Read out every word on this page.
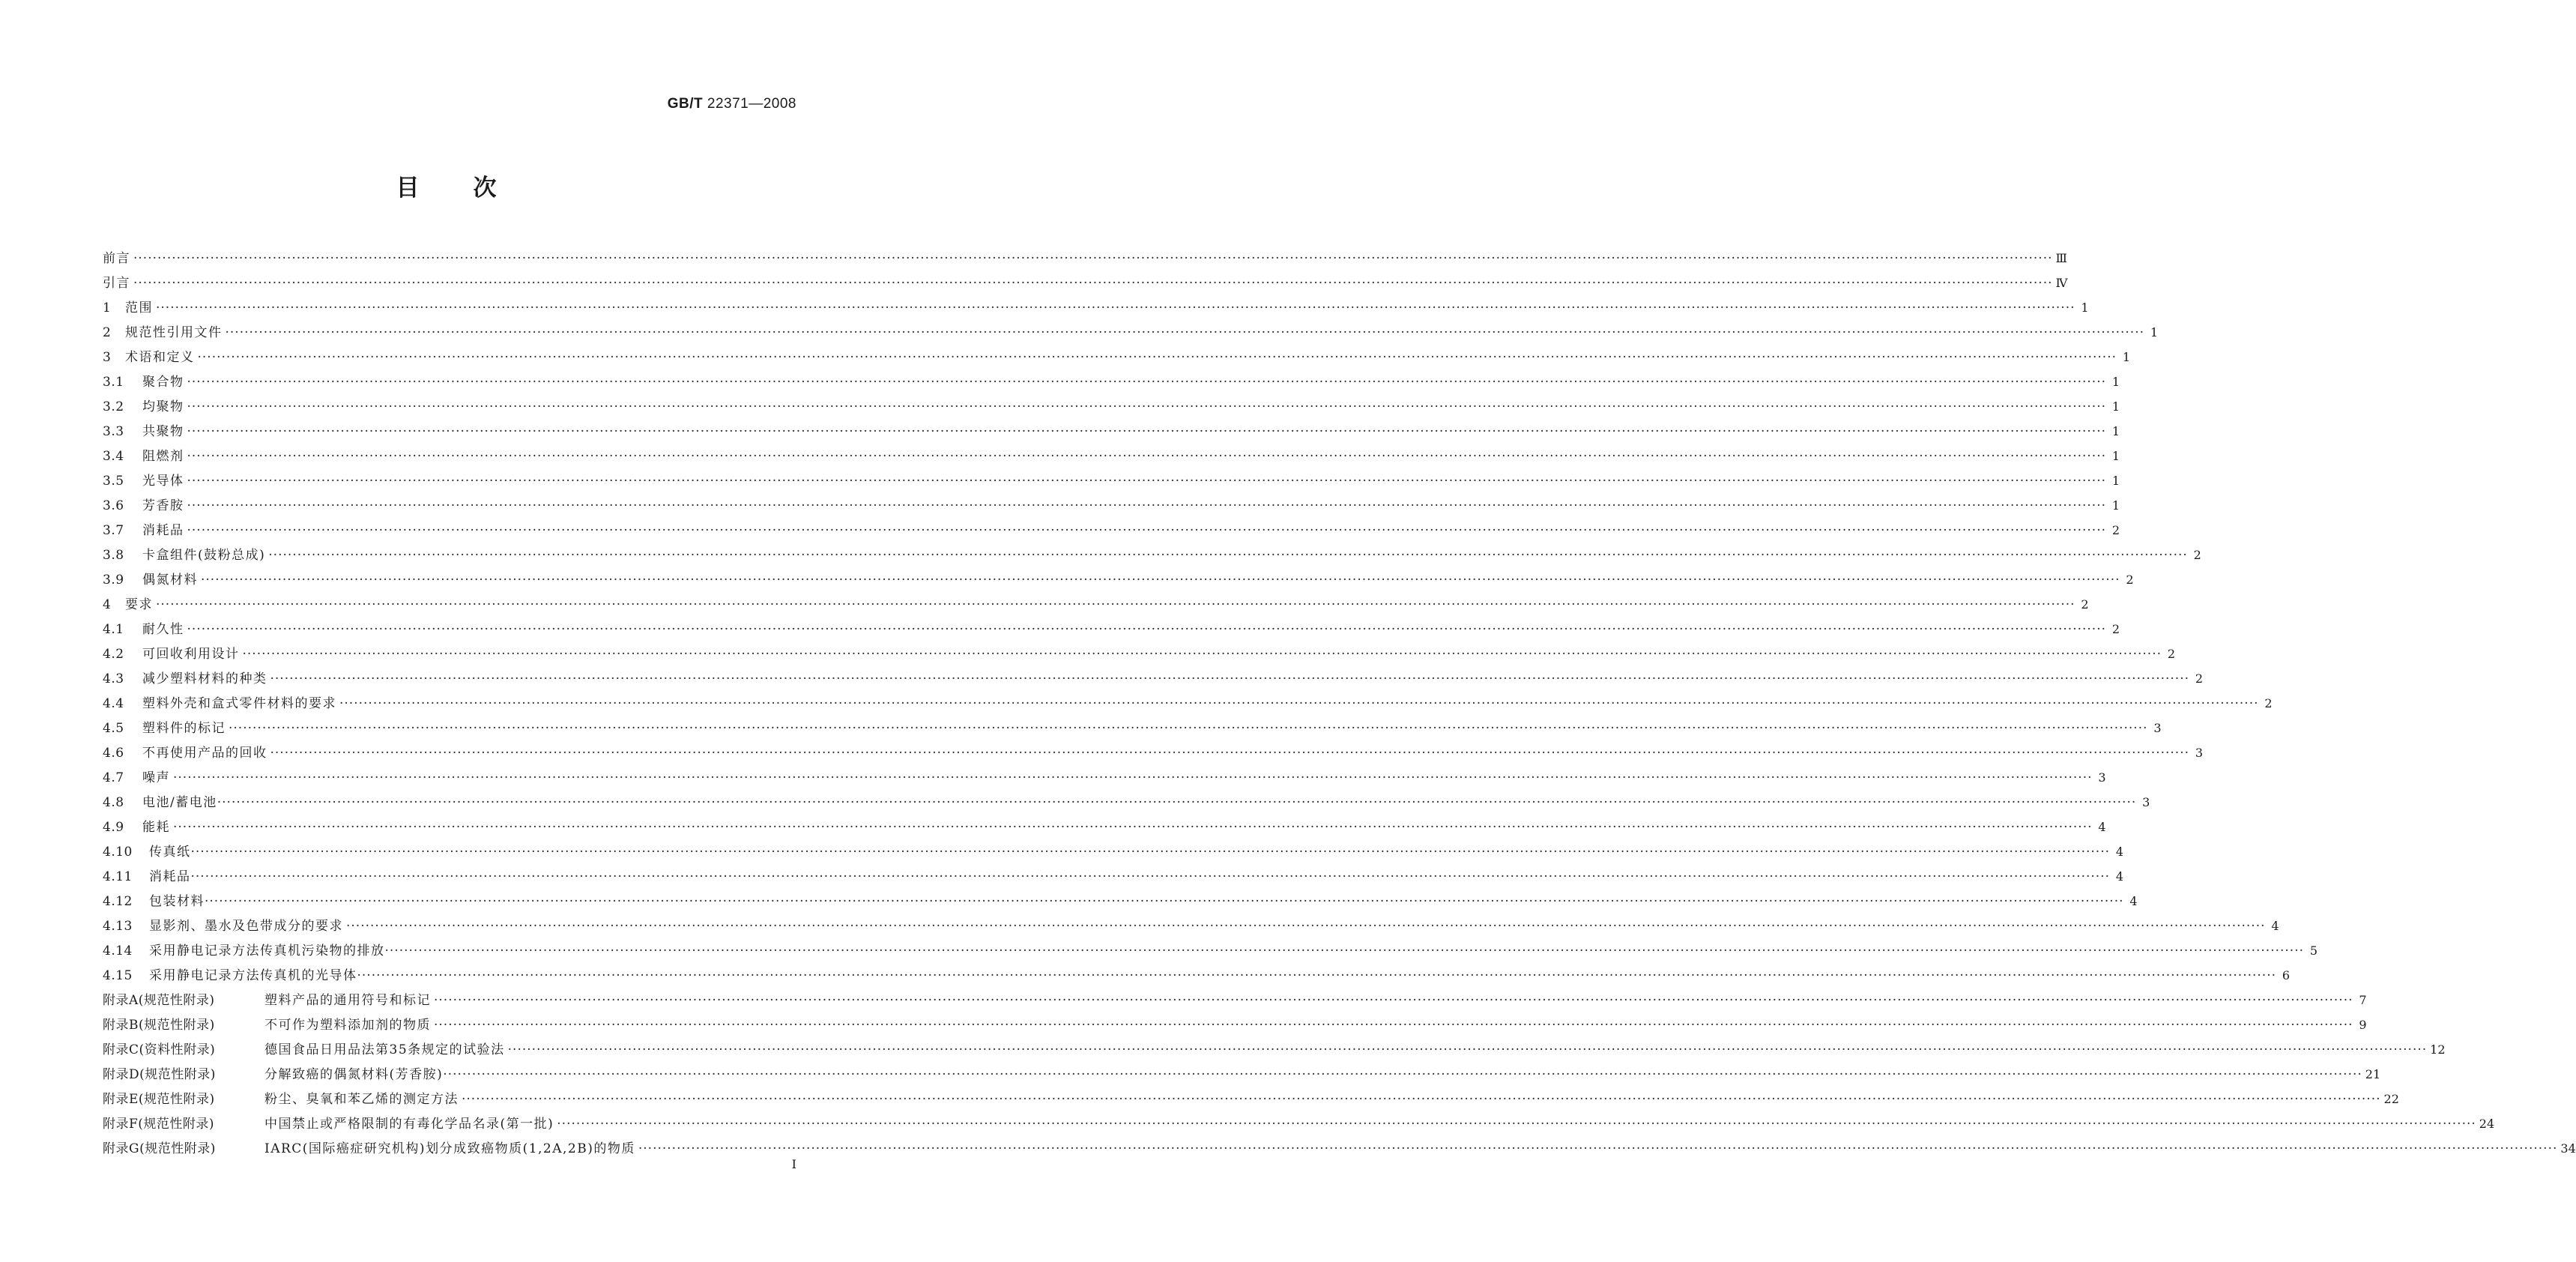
GB/T 22371—2008
目次
前言 ················································································································································································································································································································································································································ Ⅲ
引言 ················································································································································································································································································································································································································ Ⅳ
1	范围 ················································································································································································································································································································································································································ 1
2	规范性引用文件 ················································································································································································································································································································································································································ 1
3	术语和定义 ················································································································································································································································································································································································································ 1
3.1	聚合物 ················································································································································································································································································································································································································ 1
3.2	均聚物 ················································································································································································································································································································································································································ 1
3.3	共聚物 ················································································································································································································································································································································································································ 1
3.4	阻燃剂 ················································································································································································································································································································································································································ 1
3.5	光导体 ················································································································································································································································································································································································································ 1
3.6	芳香胺 ················································································································································································································································································································································································································ 1
3.7	消耗品 ················································································································································································································································································································································································································ 2
3.8	卡盒组件(鼓粉总成) ················································································································································································································································································································································································································ 2
3.9	偶氮材料 ················································································································································································································································································································································································································ 2
4	要求 ················································································································································································································································································································································································································ 2
4.1	耐久性 ················································································································································································································································································································································································································ 2
4.2	可回收利用设计 ················································································································································································································································································································································································································ 2
4.3	减少塑料材料的种类 ················································································································································································································································································································································································································ 2
4.4	塑料外壳和盒式零件材料的要求 ················································································································································································································································································································································································································ 2
4.5	塑料件的标记 ················································································································································································································································································································································································································ 3
4.6	不再使用产品的回收 ················································································································································································································································································································································································································ 3
4.7	噪声 ················································································································································································································································································································································································································ 3
4.8	电池/蓄电池 ················································································································································································································································································································································································································ 3
4.9	能耗 ················································································································································································································································································································································································································ 4
4.10	传真纸 ················································································································································································································································································································································································································ 4
4.11	消耗品 ················································································································································································································································································································································································································ 4
4.12	包装材料 ················································································································································································································································································································································································································ 4
4.13	显影剂、墨水及色带成分的要求 ················································································································································································································································································································································································································ 4
4.14	采用静电记录方法传真机污染物的排放 ················································································································································································································································································································································································································ 5
4.15	采用静电记录方法传真机的光导体 ················································································································································································································································································································································································································ 6
附录A(规范性附录)	塑料产品的通用符号和标记 ················································································································································································································································································································································································································ 7
附录B(规范性附录)	不可作为塑料添加剂的物质 ················································································································································································································································································································································································································ 9
附录C(资料性附录)	德国食品日用品法第35条规定的试验法 ················································································································································································································································································································································································································ 12
附录D(规范性附录)	分解致癌的偶氮材料(芳香胺) ················································································································································································································································································································································································································ 21
附录E(规范性附录)	粉尘、臭氧和苯乙烯的测定方法 ················································································································································································································································································································································································································ 22
附录F(规范性附录)	中国禁止或严格限制的有毒化学品名录(第一批) ················································································································································································································································································································································································································ 24
附录G(规范性附录)	IARC(国际癌症研究机构)划分成致癌物质(1,2A,2B)的物质 ················································································································································································································································································································································································································ 34
I
